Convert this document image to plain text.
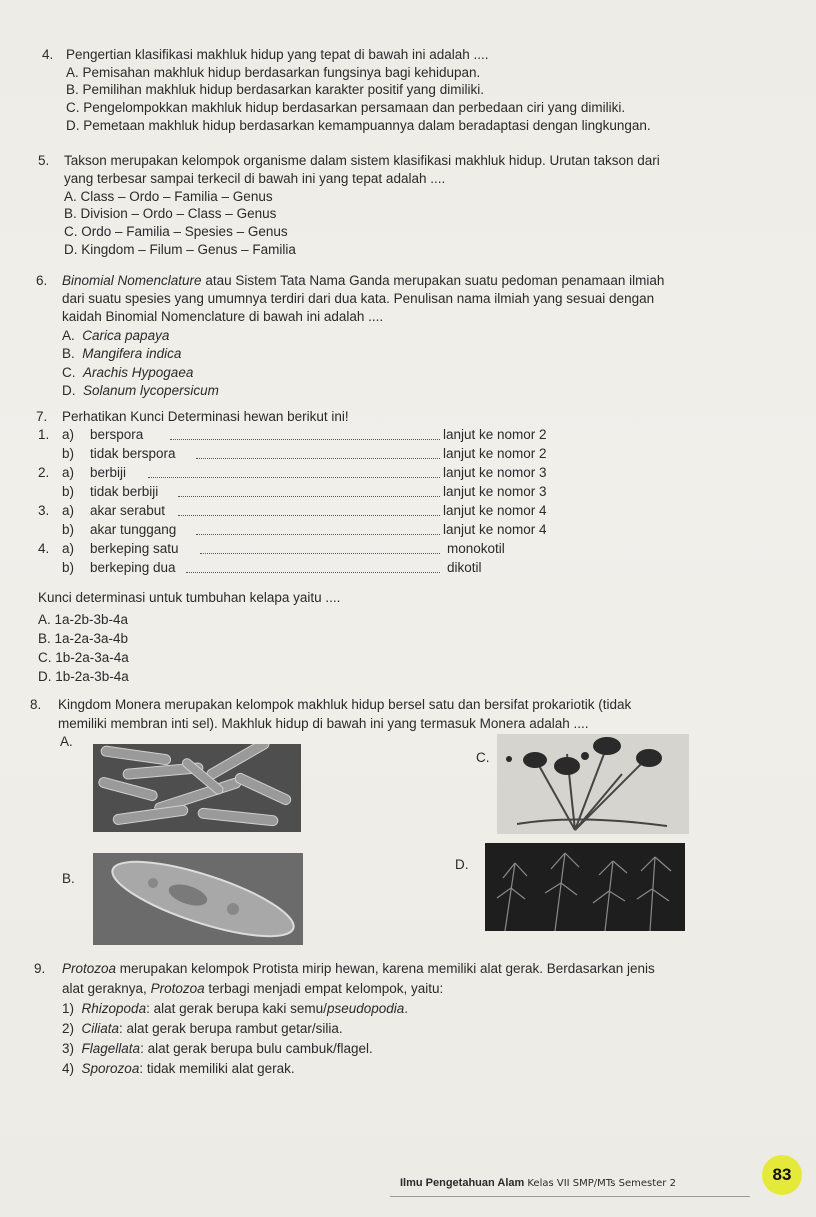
4. Pengertian klasifikasi makhluk hidup yang tepat di bawah ini adalah ....
A. Pemisahan makhluk hidup berdasarkan fungsinya bagi kehidupan.
B. Pemilihan makhluk hidup berdasarkan karakter positif yang dimiliki.
C. Pengelompokkan makhluk hidup berdasarkan persamaan dan perbedaan ciri yang dimiliki.
D. Pemetaan makhluk hidup berdasarkan kemampuannya dalam beradaptasi dengan lingkungan.
5. Takson merupakan kelompok organisme dalam sistem klasifikasi makhluk hidup. Urutan takson dari
yang terbesar sampai terkecil di bawah ini yang tepat adalah ....
A. Class – Ordo – Familia – Genus
B. Division – Ordo – Class – Genus
C. Ordo – Familia – Spesies – Genus
D. Kingdom – Filum – Genus – Familia
6. Binomial Nomenclature atau Sistem Tata Nama Ganda merupakan suatu pedoman penamaan ilmiah
dari suatu spesies yang umumnya terdiri dari dua kata. Penulisan nama ilmiah yang sesuai dengan
kaidah Binomial Nomenclature di bawah ini adalah ....
A. Carica papaya
B. Mangifera indica
C. Arachis Hypogaea
D. Solanum lycopersicum
7. Perhatikan Kunci Determinasi hewan berikut ini!
1. a) berspora	lanjut ke nomor 2
b) tidak berspora	lanjut ke nomor 2
2. a) berbiji	lanjut ke nomor 3
b) tidak berbiji	lanjut ke nomor 3
3. a) akar serabut	lanjut ke nomor 4
b) akar tunggang	lanjut ke nomor 4
4. a) berkeping satu	monokotil
b) berkeping dua	dikotil
Kunci determinasi untuk tumbuhan kelapa yaitu ....
A. 1a-2b-3b-4a
B. 1a-2a-3a-4b
C. 1b-2a-3a-4a
D. 1b-2a-3b-4a
8. Kingdom Monera merupakan kelompok makhluk hidup bersel satu dan bersifat prokariotik (tidak
memiliki membran inti sel). Makhluk hidup di bawah ini yang termasuk Monera adalah ....
A.
C.
B.
D.
9. Protozoa merupakan kelompok Protista mirip hewan, karena memiliki alat gerak. Berdasarkan jenis
alat geraknya, Protozoa terbagi menjadi empat kelompok, yaitu:
1) Rhizopoda: alat gerak berupa kaki semu/pseudopodia.
2) Ciliata: alat gerak berupa rambut getar/silia.
3) Flagellata: alat gerak berupa bulu cambuk/flagel.
4) Sporozoa: tidak memiliki alat gerak.
Ilmu Pengetahuan Alam Kelas VII SMP/MTs Semester 2	83
